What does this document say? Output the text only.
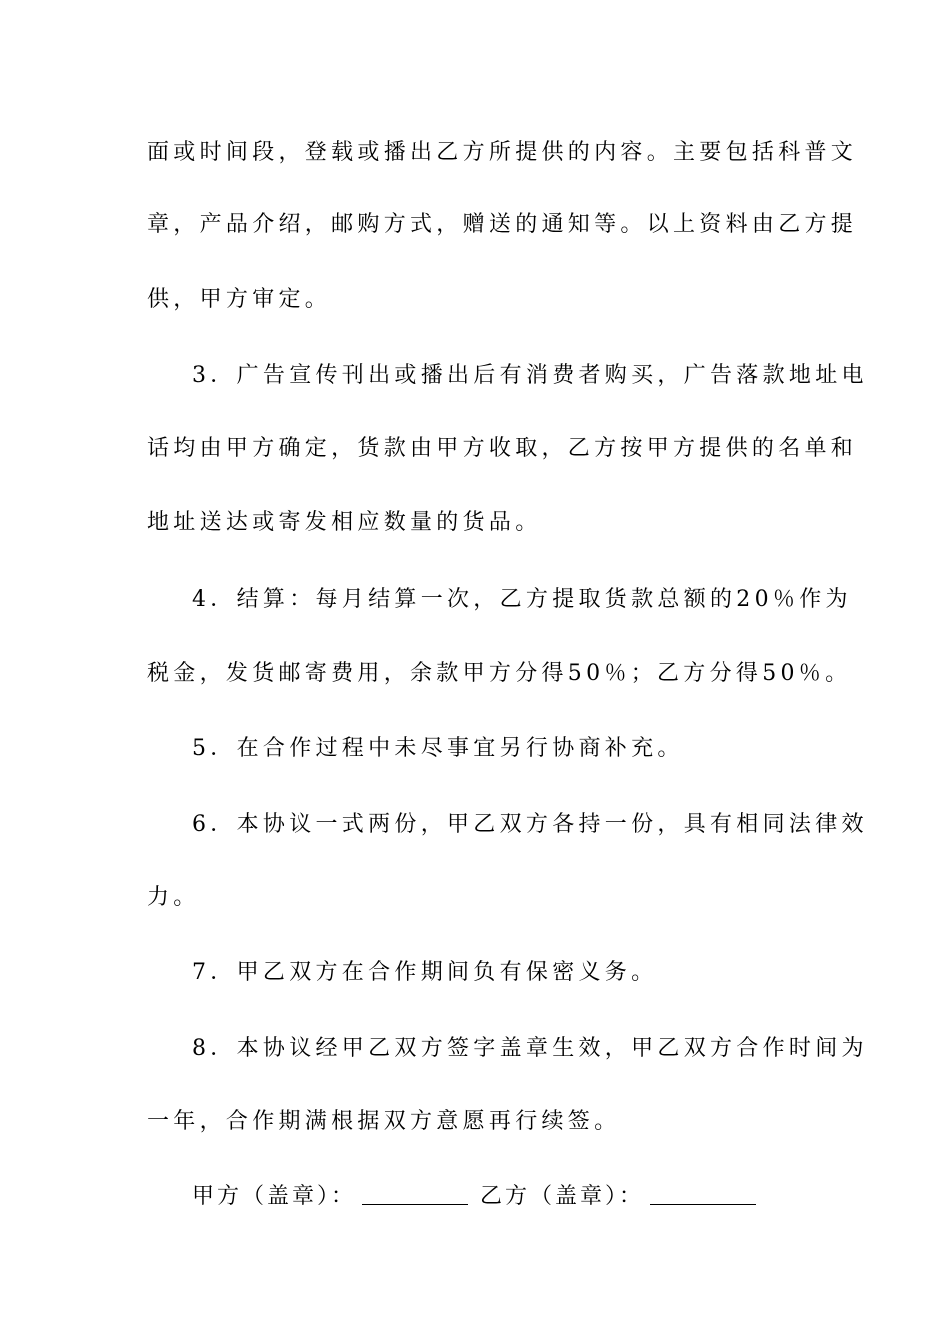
面或时间段，登载或播出乙方所提供的内容。主要包括科普文
章，产品介绍，邮购方式，赠送的通知等。以上资料由乙方提
供，甲方审定。
3．广告宣传刊出或播出后有消费者购买，广告落款地址电
话均由甲方确定，货款由甲方收取，乙方按甲方提供的名单和
地址送达或寄发相应数量的货品。
4．结算：每月结算一次，乙方提取货款总额的20％作为
税金，发货邮寄费用，余款甲方分得50％；乙方分得50％。
5．在合作过程中未尽事宜另行协商补充。
6．本协议一式两份，甲乙双方各持一份，具有相同法律效
力。
7．甲乙双方在合作期间负有保密义务。
8．本协议经甲乙双方签字盖章生效，甲乙双方合作时间为
一年，合作期满根据双方意愿再行续签。
甲方（盖章）：	乙方（盖章）：
